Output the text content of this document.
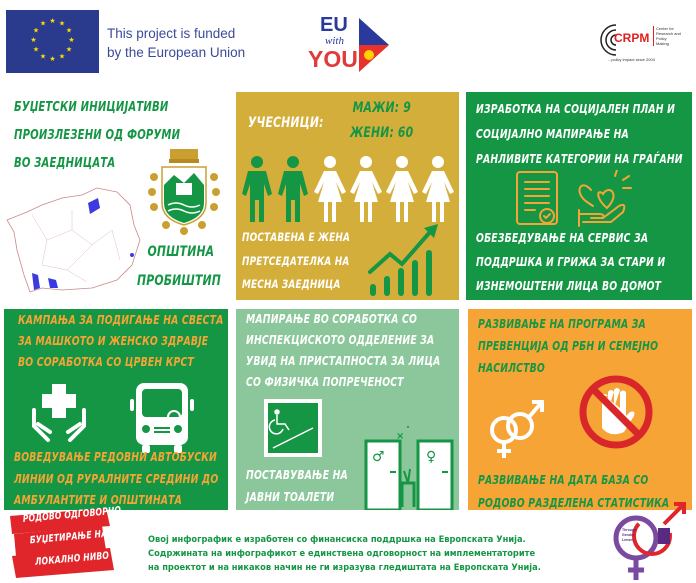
★ ★
★
★
★
★
★
★
★
★
★
★
This project is funded
by the European Union
EU
with
YOU
CRPM
Center for
Research and
Policy
Making
...policy impact since 2004
БУЏЕТСКИ ИНИЦИЈАТИВИ
ПРОИЗЛЕЗЕНИ ОД ФОРУМИ
ВО ЗАЕДНИЦАТА
ОПШТИНА
ПРОБИШТИП
УЧЕСНИЦИ:
МАЖИ: 9
ЖЕНИ: 60
ПОСТАВЕНА Е ЖЕНА
ПРЕТСЕДАТЕЛКА НА
МЕСНА ЗАЕДНИЦА
ИЗРАБОТКА НА СОЦИЈАЛЕН ПЛАН И
СОЦИЈАЛНО МАПИРАЊЕ НА
РАНЛИВИТЕ КАТЕГОРИИ НА ГРАЃАНИ
ОБЕЗБЕДУВАЊЕ НА СЕРВИС ЗА
ПОДДРШКА И ГРИЖА ЗА СТАРИ И
ИЗНЕМОШТЕНИ ЛИЦА ВО ДОМОТ
КАМПАЊА ЗА ПОДИГАЊЕ НА СВЕСТА
ЗА МАШКОТО И ЖЕНСКО ЗДРАВЈЕ
ВО СОРАБОТКА СО ЦРВЕН КРСТ
ВОВЕДУВАЊЕ РЕДОВНИ АВТОБУСКИ
ЛИНИИ ОД РУРАЛНИТЕ СРЕДИНИ ДО
АМБУЛАНТИТЕ И ОПШТИНАТА
МАПИРАЊЕ ВО СОРАБОТКА СО
ИНСПЕКЦИСКОТО ОДДЕЛЕНИЕ ЗА
УВИД НА ПРИСТАПНОСТА ЗА ЛИЦА
СО ФИЗИЧКА ПОПРЕЧЕНОСТ
♂	♀
×
ПОСТАВУВАЊЕ НА
ЈАВНИ ТОАЛЕТИ
РАЗВИВАЊЕ НА ПРОГРАМА ЗА
ПРЕВЕНЦИЈА ОД РБН И СЕМЕЈНО
НАСИЛСТВО
РАЗВИВАЊЕ НА ДАТА БАЗА СО
РОДОВО РАЗДЕЛЕНА СТАТИСТИКА
РОДОВО ОДГОВОРНО
БУЏЕТИРАЊЕ НА
ЛОКАЛНО НИВО
Овој инфографик е изработен со финансиска поддршка на Европската Унија.
Содржината на инфографикот е единствена одговорност на имплементаторите
на проектот и на никаков начин не ги изразува гледиштата на Европската Унија.
Through
Gender
Lenses
